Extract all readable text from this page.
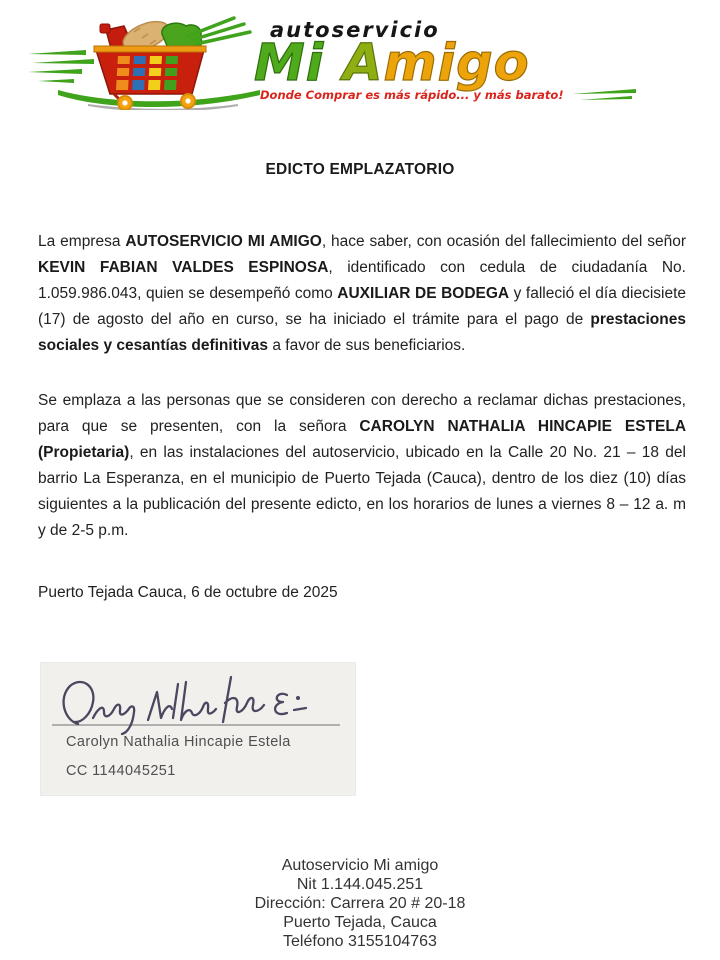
autoservicio
Mi Amigo
Donde Comprar es más rápido... y más barato!
EDICTO EMPLAZATORIO

La empresa AUTOSERVICIO MI AMIGO, hace saber, con ocasión del fallecimiento del señor KEVIN FABIAN VALDES ESPINOSA, identificado con cedula de ciudadanía No. 1.059.986.043, quien se desempeñó como AUXILIAR DE BODEGA y falleció el día diecisiete (17) de agosto del año en curso, se ha iniciado el trámite para el pago de prestaciones sociales y cesantías definitivas a favor de sus beneficiarios.

Se emplaza a las personas que se consideren con derecho a reclamar dichas prestaciones, para que se presenten, con la señora CAROLYN NATHALIA HINCAPIE ESTELA (Propietaria), en las instalaciones del autoservicio, ubicado en la Calle 20 No. 21 – 18 del barrio La Esperanza, en el municipio de Puerto Tejada (Cauca), dentro de los diez (10) días siguientes a la publicación del presente edicto, en los horarios de lunes a viernes 8 – 12 a. m y de 2-5 p.m.

Puerto Tejada Cauca, 6 de octubre de 2025
Carolyn Nathalia Hincapie Estela
CC 1144045251
Autoservicio Mi amigo
Nit 1.144.045.251
Dirección: Carrera 20 # 20-18
Puerto Tejada, Cauca
Teléfono 3155104763
